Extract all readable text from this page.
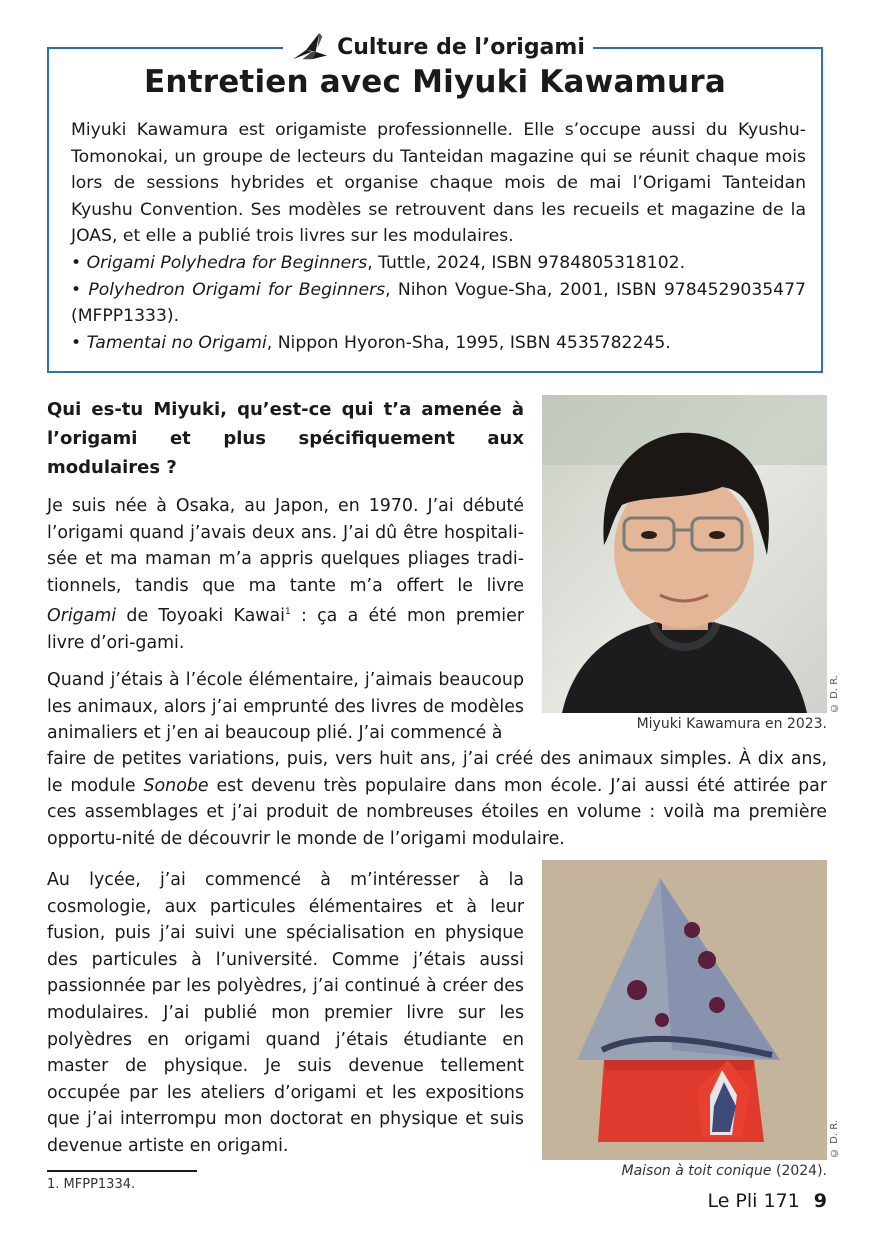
Culture de l’origami
Entretien avec Miyuki Kawamura

Miyuki Kawamura est origamiste professionnelle. Elle s’occupe aussi du Kyushu-Tomonokai, un groupe de lecteurs du Tanteidan magazine qui se réunit chaque mois lors de sessions hybrides et organise chaque mois de mai l’Origami Tanteidan Kyushu Convention. Ses modèles se retrouvent dans les recueils et magazine de la JOAS, et elle a publié trois livres sur les modulaires.

• Origami Polyhedra for Beginners, Tuttle, 2024, ISBN 9784805318102.

• Polyhedron Origami for Beginners, Nihon Vogue-Sha, 2001, ISBN 9784529035477 (MFPP1333).

• Tamentai no Origami, Nippon Hyoron-Sha, 1995, ISBN 4535782245.

Qui es-tu Miyuki, qu’est-ce qui t’a amenée à l’origami et plus spécifiquement aux modulaires ?

Je suis née à Osaka, au Japon, en 1970. J’ai débuté l’origami quand j’avais deux ans. J’ai dû être hospitali-sée et ma maman m’a appris quelques pliages tradi-tionnels, tandis que ma tante m’a offert le livre Origami de Toyoaki Kawai$^1$ : ça a été mon premier livre d’ori-gami.

Quand j’étais à l’école élémentaire, j’aimais beaucoup les animaux, alors j’ai emprunté des livres de modèles animaliers et j’en ai beaucoup plié. J’ai commencé à

faire de petites variations, puis, vers huit ans, j’ai créé des animaux simples. À dix ans, le module Sonobe est devenu très populaire dans mon école. J’ai aussi été attirée par ces assemblages et j’ai produit de nombreuses étoiles en volume : voilà ma première opportu-nité de découvrir le monde de l’origami modulaire.

Au lycée, j’ai commencé à m’intéresser à la cosmologie, aux particules élémentaires et à leur fusion, puis j’ai suivi une spécialisation en physique des particules à l’université. Comme j’étais aussi passionnée par les polyèdres, j’ai continué à créer des modulaires. J’ai publié mon premier livre sur les polyèdres en origami quand j’étais étudiante en master de physique. Je suis devenue tellement occupée par les ateliers d’origami et les expositions que j’ai interrompu mon doctorat en physique et suis devenue artiste en origami.

© D. R.
Miyuki Kawamura en 2023.
© D. R.
Maison à toit conique (2024).
1. MFPP1334.
Le Pli 171 9
